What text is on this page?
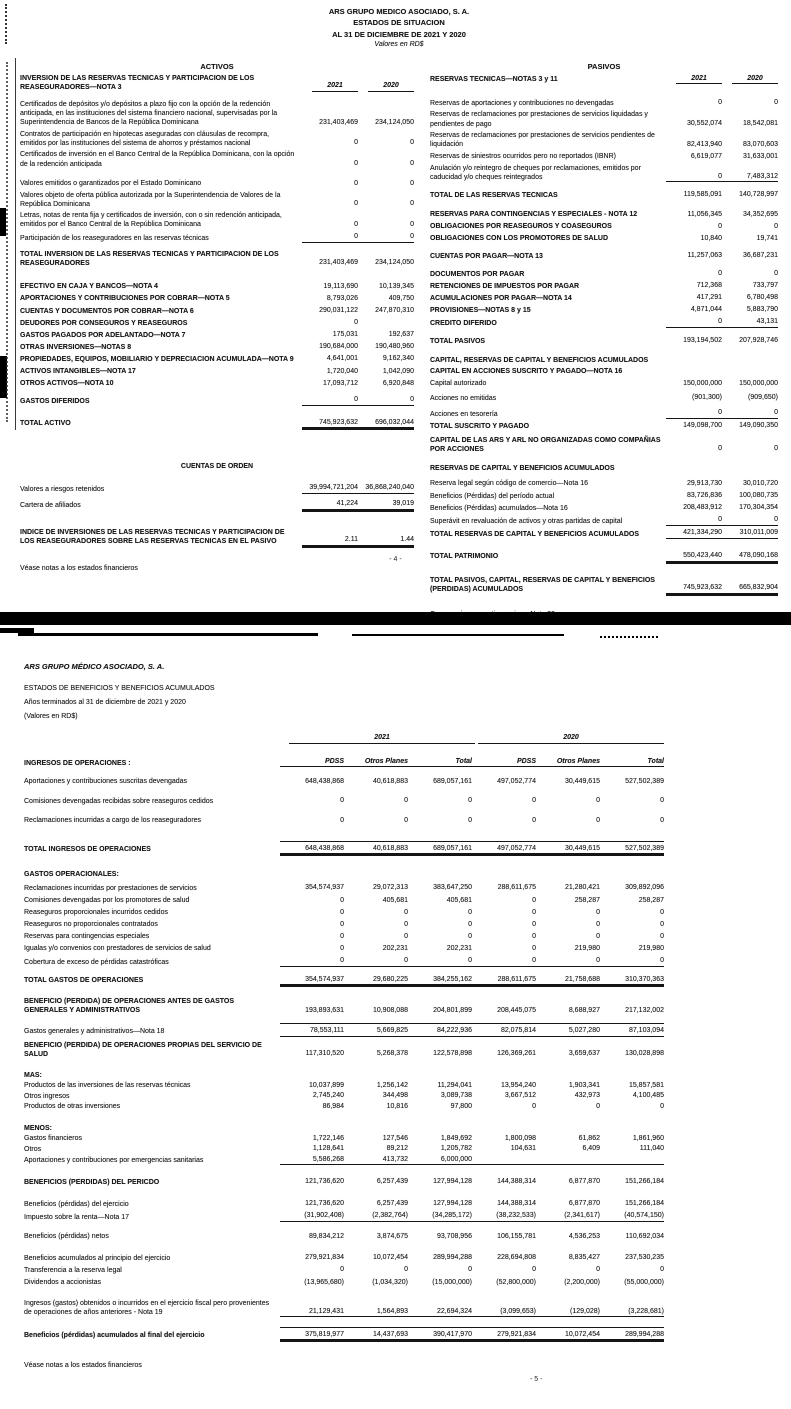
ARS GRUPO MEDICO ASOCIADO, S. A.
ESTADOS DE SITUACION
AL 31 DE DICIEMBRE DE 2021 Y 2020
Valores en RD$
ACTIVOS
INVERSION DE LAS RESERVAS TECNICAS Y PARTICIPACION DE LOS REASEGURADORES—NOTA 3	2021	2020
Certificados de depósitos y/o depósitos a plazo fijo con la opción de la redención anticipada, en las instituciones del sistema financiero nacional, supervisadas por la Superintendencia de Bancos de la República Dominicana	231,403,469	234,124,050
Contratos de participación en hipotecas aseguradas con cláusulas de recompra, emitidos por las instituciones del sistema de ahorros y préstamos nacional	0	0
Certificados de inversión en el Banco Central de la República Dominicana, con la opción de la redención anticipada	0	0
Valores emitidos o garantizados por el Estado Dominicano	0	0
Valores objeto de oferta pública autorizada por la Superintendencia de Valores de la República Dominicana	0	0
Letras, notas de renta fija y certificados de inversión, con o sin redención anticipada, emitidos por el Banco Central de la República Dominicana	0	0
Participación de los reaseguradores en las reservas técnicas	0	0
TOTAL INVERSION DE LAS RESERVAS TECNICAS Y PARTICIPACION DE LOS REASEGURADORES	231,403,469	234,124,050
EFECTIVO EN CAJA Y BANCOS—NOTA 4	19,113,690	10,139,345
APORTACIONES Y CONTRIBUCIONES POR COBRAR—NOTA 5	8,793,026	409,750
CUENTAS Y DOCUMENTOS POR COBRAR—NOTA 6	290,031,122	247,870,310
DEUDORES POR CONSEGUROS Y REASEGUROS	0
GASTOS PAGADOS POR ADELANTADO—NOTA 7	175,031	192,637
OTRAS INVERSIONES—NOTAS 8	190,684,000	190,480,960
PROPIEDADES, EQUIPOS, MOBILIARIO Y DEPRECIACION ACUMULADA—NOTA 9	4,641,001	9,162,340
ACTIVOS INTANGIBLES—NOTA 17	1,720,040	1,042,090
OTROS ACTIVOS—NOTA 10	17,093,712	6,920,848
GASTOS DIFERIDOS	0	0
TOTAL ACTIVO	745,923,632	696,032,044
CUENTAS DE ORDEN
Valores a riesgos retenidos	39,994,721,204	36,868,240,040
Cartera de afiliados	41,224	39,019
INDICE DE INVERSIONES DE LAS RESERVAS TECNICAS Y PARTICIPACION DE LOS REASEGURADORES SOBRE LAS RESERVAS TECNICAS EN EL PASIVO	2.11	1.44
Véase notas a los estados financieros
PASIVOS
RESERVAS TECNICAS—NOTAS 3 y 11	2021	2020
Reservas de aportaciones y contribuciones no devengadas	0	0
Reservas de reclamaciones por prestaciones de servicios liquidadas y pendientes de pago	30,552,074	18,542,081
Reservas de reclamaciones por prestaciones de servicios pendientes de liquidación	82,413,940	83,070,603
Reservas de siniestros ocurridos pero no reportados (IBNR)	6,619,077	31,633,001
Anulación y/o reintegro de cheques por reclamaciones, emitidos por caducidad y/o cheques reintegrados	0	7,483,312
TOTAL DE LAS RESERVAS TECNICAS	119,585,091	140,728,997
RESERVAS PARA CONTINGENCIAS Y ESPECIALES - NOTA 12	11,056,345	34,352,695
OBLIGACIONES POR REASEGUROS Y COASEGUROS	0	0
OBLIGACIONES CON LOS PROMOTORES DE SALUD	10,840	19,741
CUENTAS POR PAGAR—NOTA 13	11,257,063	36,687,231
DOCUMENTOS POR PAGAR	0	0
RETENCIONES DE IMPUESTOS POR PAGAR	712,368	733,797
ACUMULACIONES POR PAGAR—NOTA 14	417,291	6,780,498
PROVISIONES—NOTAS 8 y 15	4,871,044	5,883,790
CREDITO DIFERIDO	0	43,131
TOTAL PASIVOS	193,194,502	207,928,746
CAPITAL, RESERVAS DE CAPITAL Y BENEFICIOS ACUMULADOS
CAPITAL EN ACCIONES SUSCRITO Y PAGADO—NOTA 16
Capital autorizado	150,000,000	150,000,000
Acciones no emitidas	(901,300)	(909,650)
Acciones en tesorería	0	0
TOTAL SUSCRITO Y PAGADO	149,098,700	149,090,350
CAPITAL DE LAS ARS Y ARL NO ORGANIZADAS COMO COMPAÑIAS POR ACCIONES	0	0
RESERVAS DE CAPITAL Y BENEFICIOS ACUMULADOS
Reserva legal según código de comercio—Nota 16	29,913,730	30,010,720
Beneficios (Pérdidas) del período actual	83,726,836	100,080,735
Beneficios (Pérdidas) acumulados—Nota 16	208,483,912	170,304,354
Superávit en revaluación de activos y otras partidas de capital	0	0
TOTAL RESERVAS DE CAPITAL Y BENEFICIOS ACUMULADOS	421,334,290	310,011,009
TOTAL PATRIMONIO	550,423,440	478,090,168
TOTAL PASIVOS, CAPITAL, RESERVAS DE CAPITAL Y BENEFICIOS (PERDIDAS) ACUMULADOS	745,923,632	665,832,904
- 4 -
ARS GRUPO MÉDICO ASOCIADO, S. A.
ESTADOS DE BENEFICIOS Y BENEFICIOS ACUMULADOS
Años terminados al 31 de diciembre de 2021 y 2020
(Valores en RD$)
2021	2020
INGRESOS DE OPERACIONES :	PDSS	Otros Planes	Total	PDSS	Otros Planes	Total
Aportaciones y contribuciones suscritas devengadas	648,438,868	40,618,883	689,057,161	497,052,774	30,449,615	527,502,389
Comisiones devengadas recibidas sobre reaseguros cedidos	0	0	0	0	0	0
Reclamaciones incurridas a cargo de los reaseguradores	0	0	0	0	0	0
TOTAL INGRESOS DE OPERACIONES	648,438,868	40,618,883	689,057,161	497,052,774	30,449,615	527,502,389
GASTOS OPERACIONALES:
Reclamaciones incurridas por prestaciones de servicios	354,574,937	29,072,313	383,647,250	288,611,675	21,280,421	309,892,096
Comisiones devengadas por los promotores de salud	0	405,681	405,681	0	258,287	258,287
Reaseguros proporcionales incurridos cedidos	0	0	0	0	0	0
Reaseguros no proporcionales contratados	0	0	0	0	0	0
Reservas para contingencias especiales	0	0	0	0	0	0
Igualas y/o convenios con prestadores de servicios de salud	0	202,231	202,231	0	219,980	219,980
Cobertura de exceso de pérdidas catastróficas	0	0	0	0	0	0
TOTAL GASTOS DE OPERACIONES	354,574,937	29,680,225	384,255,162	288,611,675	21,758,688	310,370,363
BENEFICIO (PERDIDA) DE OPERACIONES ANTES DE GASTOS GENERALES Y ADMINISTRATIVOS	193,893,631	10,908,088	204,801,899	208,445,075	8,688,927	217,132,002
Gastos generales y administrativos—Nota 18	78,553,111	5,669,825	84,222,936	82,075,814	5,027,280	87,103,094
BENEFICIO (PERDIDA) DE OPERACIONES PROPIAS DEL SERVICIO DE SALUD	117,310,520	5,268,378	122,578,898	126,369,261	3,659,637	130,028,898
MAS:
Productos de las inversiones de las reservas técnicas	10,037,899	1,256,142	11,294,041	13,954,240	1,903,341	15,857,581
Otros ingresos	2,745,240	344,498	3,089,738	3,667,512	432,973	4,100,485
Productos de otras inversiones	86,984	10,816	97,800	0	0	0
MENOS:
Gastos financieros	1,722,146	127,546	1,849,692	1,800,098	61,862	1,861,960
Otros	1,128,641	89,212	1,205,782	104,631	6,409	111,040
Aportaciones y contribuciones por emergencias sanitarias	5,586,268	413,732	6,000,000
BENEFICIOS (PERDIDAS) DEL PERICDO	121,736,620	6,257,439	127,994,128	144,388,314	6,877,870	151,266,184
Beneficios (pérdidas) del ejercicio	121,736,620	6,257,439	127,994,128	144,388,314	6,877,870	151,266,184
Impuesto sobre la renta—Nota 17	(31,902,408)	(2,382,764)	(34,285,172)	(38,232,533)	(2,341,617)	(40,574,150)
Beneficios (pérdidas) netos	89,834,212	3,874,675	93,708,956	106,155,781	4,536,253	110,692,034
Beneficios acumulados al principio del ejercicio	279,921,834	10,072,454	289,994,288	228,694,808	8,835,427	237,530,235
Transferencia a la reserva legal	0	0	0	0	0	0
Dividendos a accionistas	(13,965,680)	(1,034,320)	(15,000,000)	(52,800,000)	(2,200,000)	(55,000,000)
Ingresos (gastos) obtenidos o incurridos en el ejercicio fiscal pero provenientes de operaciones de años anteriores - Nota 19	21,129,431	1,564,893	22,694,324	(3,099,653)	(129,028)	(3,228,681)
Beneficios (pérdidas) acumulados al final del ejercicio	375,819,977	14,437,693	390,417,970	279,921,834	10,072,454	289,994,288
Véase notas a los estados financieros
- 5 -
